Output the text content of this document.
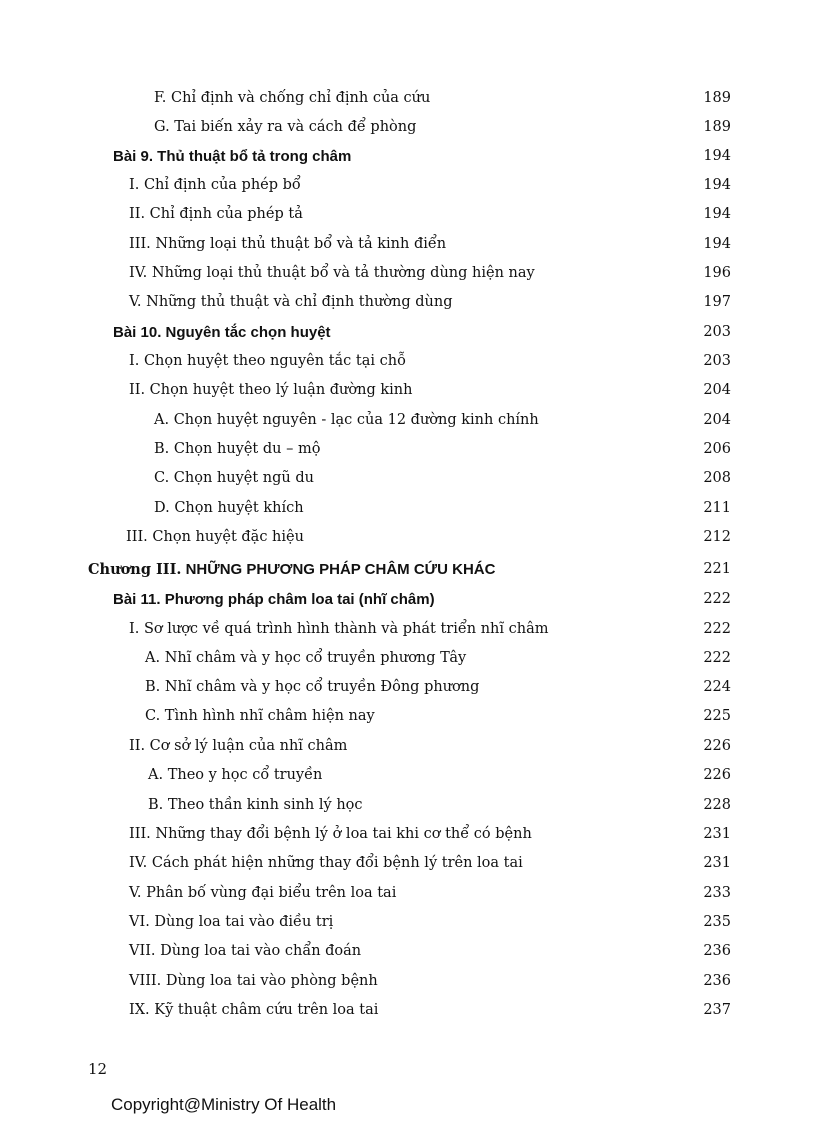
F. Chỉ định và chống chỉ định của cứu	189
G. Tai biến xảy ra và cách để phòng	189
Bài 9. Thủ thuật bổ tả trong châm	194
I. Chỉ định của phép bổ	194
II. Chỉ định của phép tả	194
III. Những loại thủ thuật bổ và tả kinh điển	194
IV. Những loại thủ thuật bổ và tả thường dùng hiện nay	196
V. Những thủ thuật và chỉ định thường dùng	197
Bài 10. Nguyên tắc chọn huyệt	203
I. Chọn huyệt theo nguyên tắc tại chỗ	203
II. Chọn huyệt theo lý luận đường kinh	204
A. Chọn huyệt nguyên - lạc của 12 đường kinh chính	204
B. Chọn huyệt du – mộ	206
C. Chọn huyệt ngũ du	208
D. Chọn huyệt khích	211
III. Chọn huyệt đặc hiệu	212
Chương III. NHỮNG PHƯƠNG PHÁP CHÂM CỨU KHÁC	221
Bài 11. Phương pháp châm loa tai (nhĩ châm)	222
I. Sơ lược về quá trình hình thành và phát triển nhĩ châm	222
A. Nhĩ châm và y học cổ truyền phương Tây	222
B. Nhĩ châm và y học cổ truyền Đông phương	224
C. Tình hình nhĩ châm hiện nay	225
II. Cơ sở lý luận của nhĩ châm	226
A. Theo y học cổ truyền	226
B. Theo thần kinh sinh lý học	228
III. Những thay đổi bệnh lý ở loa tai khi cơ thể có bệnh	231
IV. Cách phát hiện những thay đổi bệnh lý trên loa tai	231
V. Phân bố vùng đại biểu trên loa tai	233
VI. Dùng loa tai vào điều trị	235
VII. Dùng loa tai vào chẩn đoán	236
VIII. Dùng loa tai vào phòng bệnh	236
IX. Kỹ thuật châm cứu trên loa tai	237
12
Copyright@Ministry Of Health
